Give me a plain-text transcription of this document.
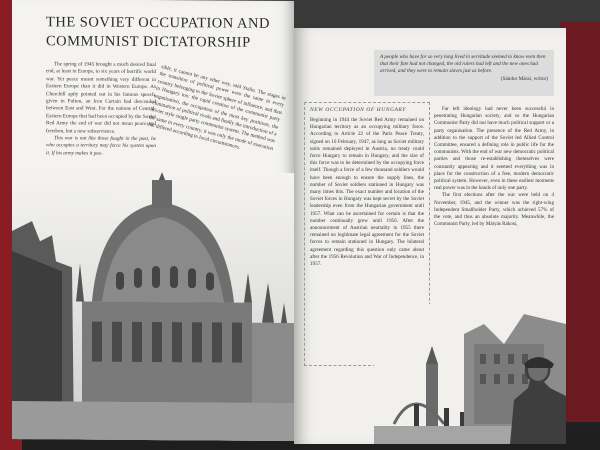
THE SOVIET OCCUPATION AND COMMUNIST DICTATORSHIP

The spring of 1945 brought a much desired final end, at least in Europe, to six years of horrific world war. Yet peace meant something very different in Eastern Europe than it did in Western Europe. As Churchill aptly pointed out in his famous speech, given in Fulton, an Iron Curtain had descended between East and West. For the nations of Central-Eastern Europe that had been occupied by the Soviet Red Army the end of war did not mean peace and freedom, but a new subservience.

This war is not like those fought in the past, he who occupies a territory may force his system upon it. If his army makes it pos-

sible, it cannot be any other way, said Stalin. The stages in the transition of political power were the same in every country belonging to the Soviet sphere of influence, and thus in Hungary too: the rapid creation of the communist party organisation, the occupation of the most key positions, the elimination of political rivals and finally the introduction of a Soviet style single party communist system. The method was the same in every country, it was only the mode of execution that differed according to local circumstances.

A people who have for so very long lived in servitude seemed to know even then that their fate had not changed, the old rulers had left and the new ones had arrived, and they were to remain slaves just as before.
(Sándor Márai, writor)
NEW OCCUPATION OF HUNGARY
Beginning in 1944 the Soviet Red Army remained on Hungarian territory as an occupying military force. According to Article 22 of the Paris Peace Treaty, signed on 10 February, 1947, as long as Soviet military units remained deployed in Austria, no treaty could force Hungary to remain in Hungary, and the size of this force was to be determined by the occupying force itself. Though a force of a few thousand soldiers would have been enough to ensure the supply lines, the number of Soviet soldiers stationed in Hungary was many times this. The exact number and location of the Soviet forces in Hungary was kept secret by the Soviet leadership even from the Hungarian government until 1957. What can be ascertained for certain is that the number continually grew until 1956. After the announcement of Austrian neutrality in 1955 there remained no legitimate legal agreement for the Soviet forces to remain stationed in Hungary. The bilateral agreement regarding this question only came about after the 1956 Revolution and War of Independence, in 1957.

Far left ideology had never been successful in penetrating Hungarian society, and so the Hungarian Communist Party did not have much political support or a party organisation. The presence of the Red Army, in addition to the support of the Soviet led Allied Control Committee, ensured a defining role in public life for the communists. With the end of war new democratic political parties and those re-establishing themselves were constantly appearing and it seemed everything was in place for the construction of a free, modern democratic political system. However, even in these earliest moments real power was in the hands of only one party.

The first elections after the war were held on 4 November, 1945, and the winner was the right-wing Independent Smallholder Party, which achieved 57% of the vote, and thus an absolute majority. Meanwhile, the Communist Party, led by Mátyás Rákosi,
